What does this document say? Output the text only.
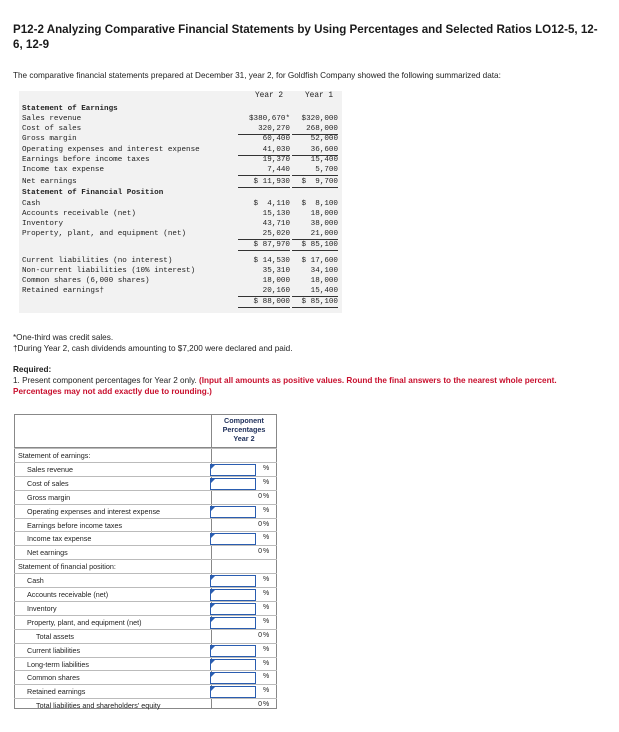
P12-2 Analyzing Comparative Financial Statements by Using Percentages and Selected Ratios LO12-5, 12-6, 12-9
The comparative financial statements prepared at December 31, year 2, for Goldfish Company showed the following summarized data:
Year 2	Year 1
Statement of Earnings
Sales revenue	$380,670*	$320,000
Cost of sales	320,270	268,000
Gross margin	60,400	52,000
Operating expenses and interest expense	41,030	36,600
Earnings before income taxes	19,370	15,400
Income tax expense	7,440	5,700
Net earnings	$ 11,930	$  9,700
Statement of Financial Position
Cash	$  4,110	$  8,100
Accounts receivable (net)	15,130	18,000
Inventory	43,710	38,000
Property, plant, and equipment (net)	25,020	21,000
$ 87,970	$ 85,100
Current liabilities (no interest)	$ 14,530	$ 17,600
Non-current liabilities (10% interest)	35,310	34,100
Common shares (6,000 shares)	18,000	18,000
Retained earnings†	20,160	15,400
$ 88,000	$ 85,100
*One-third was credit sales.
†During Year 2, cash dividends amounting to $7,200 were declared and paid.
Required:
1. Present component percentages for Year 2 only. (Input all amounts as positive values. Round the final answers to the nearest whole percent. Percentages may not add exactly due to rounding.)
Component
Percentages
Year 2
Statement of earnings:
Sales revenue	%
Cost of sales	%
Gross margin	0 %
Operating expenses and interest expense	%
Earnings before income taxes	0 %
Income tax expense	%
Net earnings	0 %
Statement of financial position:
Cash	%
Accounts receivable (net)	%
Inventory	%
Property, plant, and equipment (net)	%
Total assets	0 %
Current liabilities	%
Long-term liabilities	%
Common shares	%
Retained earnings	%
Total liabilities and shareholders' equity	0 %
